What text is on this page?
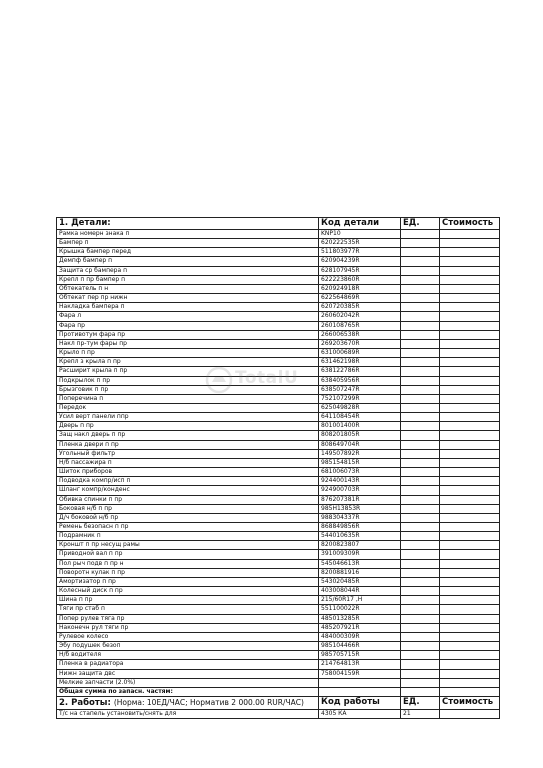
1. Детали:	Код детали	ЕД.	Стоимость
Рамка номерн знака п	KNP10		
Бампер п	620222535R		
Крышка бампер перед	511803977R		
Демпф бампер п	620904239R		
Защита ср бампера п	628107945R		
Крепл п пр бампер п	622223860R		
Обтекатель п н	620924918R		
Обтекат пер пр нижн	622564869R		
Накладка бампера п	620720385R		
Фара л	260602042R		
Фара пр	260108765R		
Противотум фара пр	266006538R		
Накл пр-тум фары пр	269203670R		
Крыло п пр	631000689R		
Крепл з крыла п пр	631462198R		
Расширит крыла п пр	638122786R		
Подкрылок п пр	638405956R		
Брызговик п пр	638507247R		
Поперечина п	752107299R		
Передок	625049828R		
Усил верт панели ппр	641108454R		
Дверь п пр	801001400R		
Защ накл дверь п пр	808201805R		
Пленка двери п пр	808649704R		
Угольный фильтр	149507892R		
Н/б пассажира п	985154815R		
Шиток приборов	681006073R		
Подводка компр/исп п	924400143R		
Шланг компр/конденс	924900703R		
Обивка спинки п пр	876207381R		
Боковая н/б п пр	985H13853R		
Д/ч боковой н/б пр	988304337R		
Ремень безопасн п пр	868849856R		
Подрамник п	544010635R		
Кроншт п пр несущ рамы	8200823807		
Приводной вал п пр	391009309R		
Пол рыч подв п пр н	545046613R		
Поворотн кулак п пр	8200881916		
Амортизатор п пр	543020485R		
Колесный диск п пр	403008044R		
Шина п пр	215/60R17 ,H		
Тяги пр стаб п	551100022R		
Попер рулев тяга пр	485013285R		
Наконечн рул тяги пр	485207921R		
Рулевое колесо	484000309R		
Эбу подушек безоп	985104466R		
Н/б водителя	985705715R		
Пленка в радиатора	214764813R		
Нижн защита двс	758004159R		
Мелкие запчасти (2.0%)			
Общая сумма по запасн. частям:			
2. Работы: (Норма: 10ЕД/ЧАС; Норматив 2 000.00 RUR/ЧАС)	Код работы	ЕД.	Стоимость
Т/с на стапель установить/снять для	4305 КА	21	
TotalU
